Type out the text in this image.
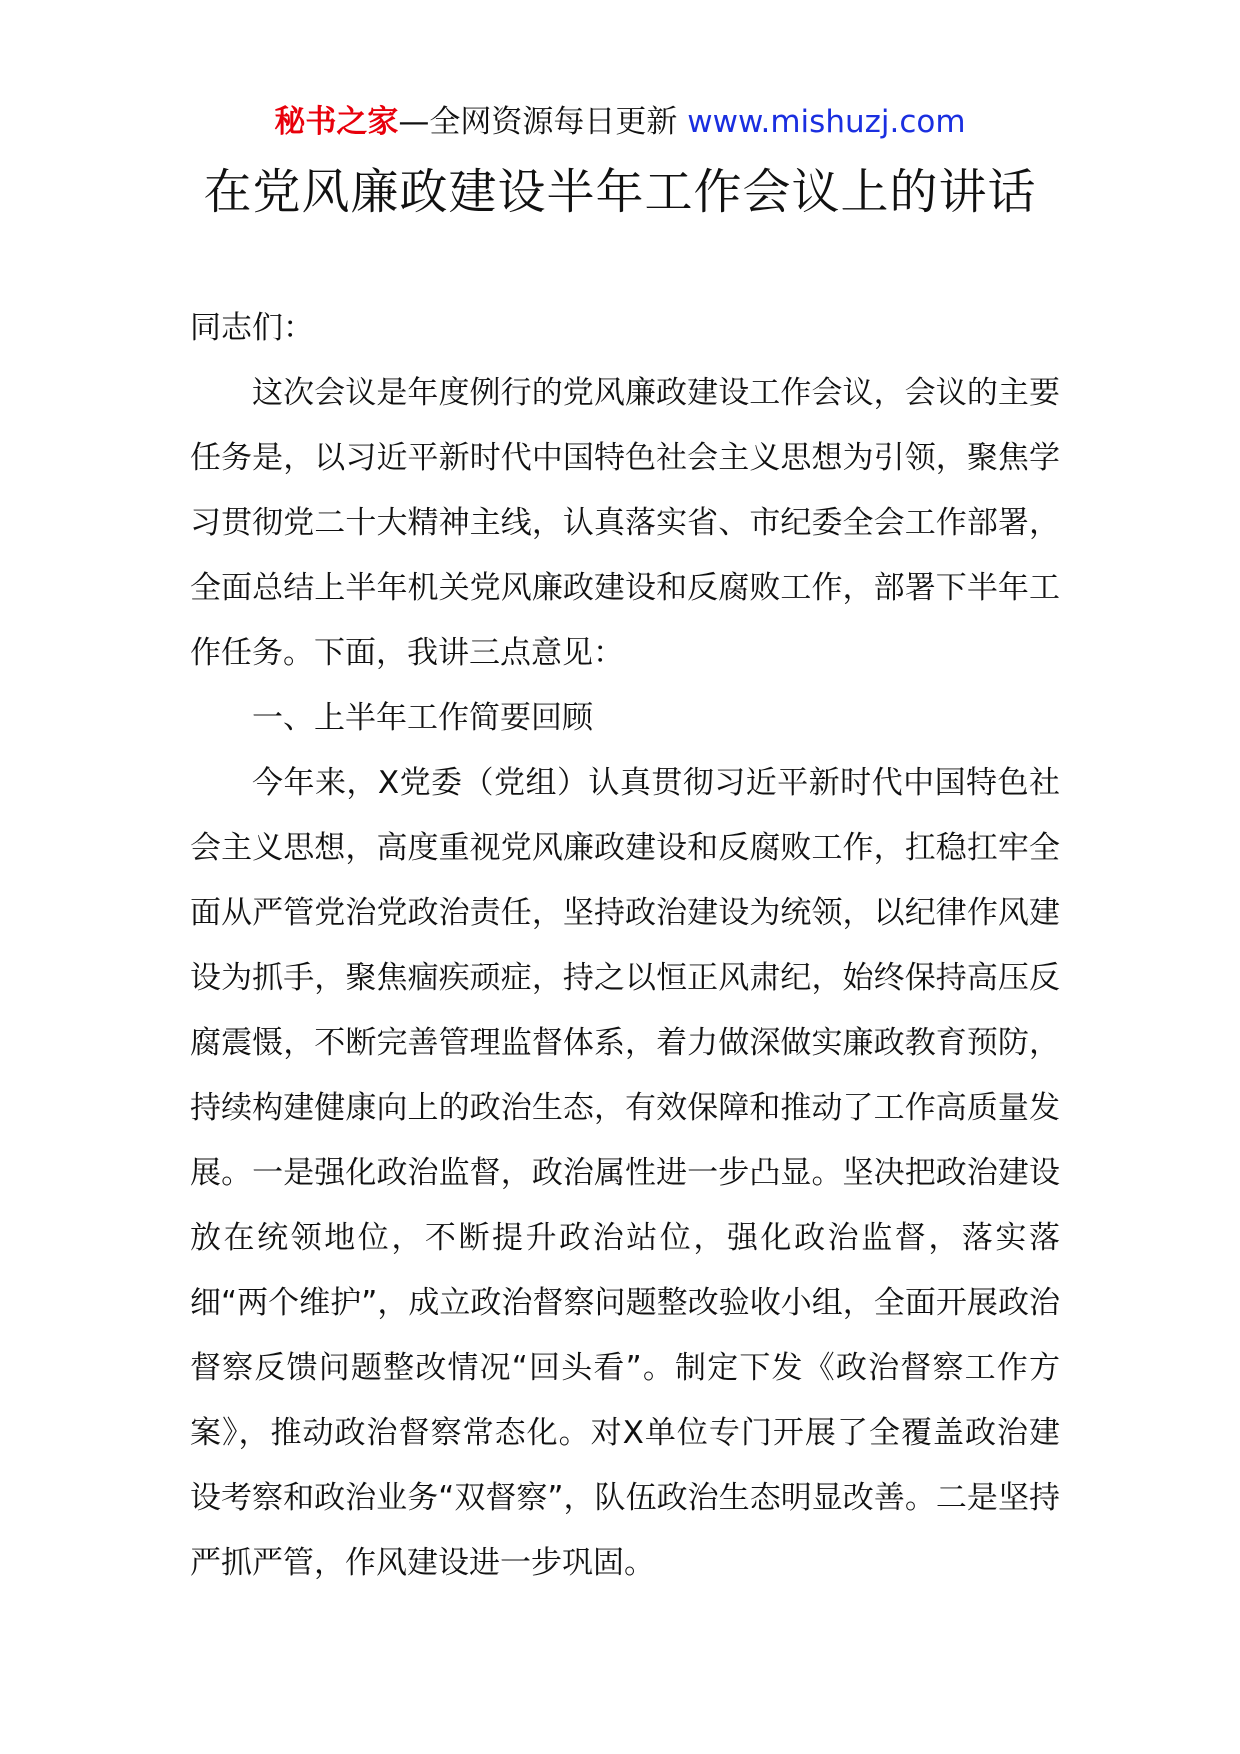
秘书之家—全网资源每日更新 www.mishuzj.com
在党风廉政建设半年工作会议上的讲话

同志们：

这次会议是年度例行的党风廉政建设工作会议，会议的主要任务是，以习近平新时代中国特色社会主义思想为引领，聚焦学习贯彻党二十大精神主线，认真落实省、市纪委全会工作部署，全面总结上半年机关党风廉政建设和反腐败工作，部署下半年工作任务。下面，我讲三点意见：

一、上半年工作简要回顾

今年来，X党委（党组）认真贯彻习近平新时代中国特色社会主义思想，高度重视党风廉政建设和反腐败工作，扛稳扛牢全面从严管党治党政治责任，坚持政治建设为统领，以纪律作风建设为抓手，聚焦痼疾顽症，持之以恒正风肃纪，始终保持高压反腐震慑，不断完善管理监督体系，着力做深做实廉政教育预防，持续构建健康向上的政治生态，有效保障和推动了工作高质量发展。一是强化政治监督，政治属性进一步凸显。坚决把政治建设放在统领地位，不断提升政治站位，强化政治监督，落实落细“两个维护”，成立政治督察问题整改验收小组，全面开展政治督察反馈问题整改情况“回头看”。制定下发《政治督察工作方案》，推动政治督察常态化。对X单位专门开展了全覆盖政治建设考察和政治业务“双督察”，队伍政治生态明显改善。二是坚持严抓严管，作风建设进一步巩固。
